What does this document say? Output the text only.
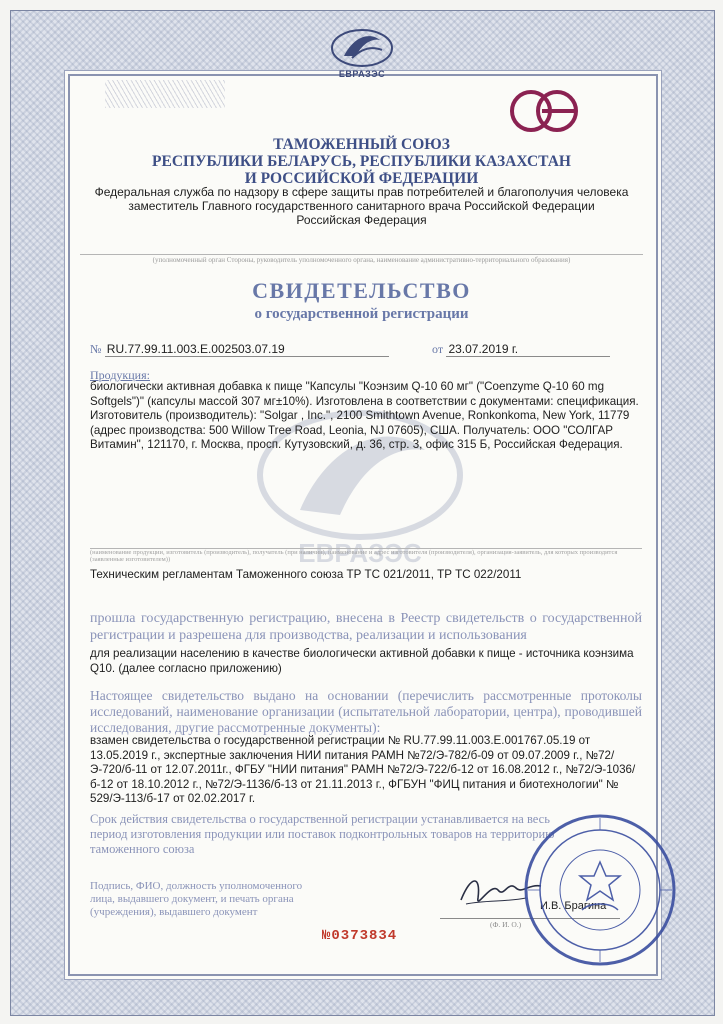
ЕВРАЗЭС
ТАМОЖЕННЫЙ СОЮЗ
РЕСПУБЛИКИ БЕЛАРУСЬ, РЕСПУБЛИКИ КАЗАХСТАН
И РОССИЙСКОЙ ФЕДЕРАЦИИ
Федеральная служба по надзору в сфере защиты прав потребителей и благополучия человека
заместитель Главного государственного санитарного врача Российской Федерации
Российская Федерация
(уполномоченный орган Стороны, руководитель уполномоченного органа, наименование административно-территориального образования)
СВИДЕТЕЛЬСТВО
о государственной регистрации
№ RU.77.99.11.003.Е.002503.07.19	от 23.07.2019 г.
ЕВРАЗЭС
Продукция:
биологически активная добавка к пище "Капсулы "Коэнзим Q-10 60 мг" ("Coenzyme Q-10 60 mg Softgels")" (капсулы массой 307 мг±10%). Изготовлена в соответствии с документами: спецификация. Изготовитель (производитель): "Solgar , Inc.", 2100 Smithtown Avenue, Ronkonkoma, New York, 11779 (адрес производства: 500 Willow Tree Road, Leonia, NJ 07605), США. Получатель: ООО "СОЛГАР Витамин", 121170, г. Москва, просп. Кутузовский, д. 36, стр. 3, офис 315 Б, Российская Федерация.
(наименование продукции, изготовитель (производитель), получатель (при наличии), наименование и адрес изготовителя (производителя), организация-заявитель, для которых производится (заявленные изготовителем))
Техническим регламентам Таможенного союза ТР ТС 021/2011, ТР ТС 022/2011
прошла государственную регистрацию, внесена в Реестр свидетельств о государственной регистрации и разрешена для производства, реализации и использования
для реализации населению в качестве биологически активной добавки к пище - источника коэнзима Q10. (далее согласно приложению)
Настоящее свидетельство выдано на основании (перечислить рассмотренные протоколы исследований, наименование организации (испытательной лаборатории, центра), проводившей исследования, другие рассмотренные документы):
взамен свидетельства о государственной регистрации № RU.77.99.11.003.Е.001767.05.19 от 13.05.2019 г., экспертные заключения НИИ питания РАМН №72/Э-782/б-09 от 09.07.2009 г., №72/Э-720/б-11 от 12.07.2011г., ФГБУ "НИИ питания" РАМН №72/Э-722/б-12 от 16.08.2012 г., №72/Э-1036/б-12 от 18.10.2012 г., №72/Э-1136/б-13 от 21.11.2013 г., ФГБУН "ФИЦ питания и биотехнологии" № 529/Э-113/б-17 от 02.02.2017 г.
Срок действия свидетельства о государственной регистрации устанавливается на весь период изготовления продукции или поставок подконтрольных товаров на территорию таможенного союза
Подпись, ФИО, должность уполномоченного лица, выдавшего документ, и печать органа (учреждения), выдавшего документ	И.В. Брагина
(Ф. И. О.)
№0373834
